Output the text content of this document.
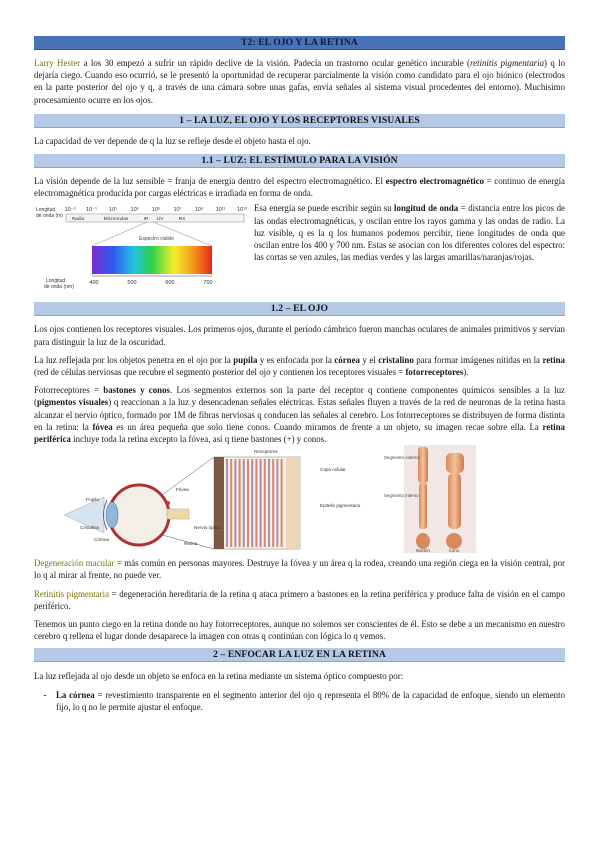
T2: EL OJO Y LA RETINA

Larry Hester a los 30 empezó a sufrir un rápido declive de la visión. Padecía un trastorno ocular genético incurable (retinitis pigmentaria) q lo dejaría ciego. Cuando eso ocurrió, se le presentó la oportunidad de recuperar parcialmente la visión como candidato para el ojo biónico (electrodos en la parte posterior del ojo y q, a través de una cámara sobre unas gafas, envía señales al sistema visual procedentes del entorno). Muchísimo procesamiento ocurre en los ojos.

1 – LA LUZ, EL OJO Y LOS RECEPTORES VISUALES

La capacidad de ver depende de q la luz se refleje desde el objeto hasta el ojo.

1.1 – LUZ: EL ESTÍMULO PARA LA VISIÓN

La visión depende de la luz sensible = franja de energía dentro del espectro electromagnético. El espectro electromagnético = continuo de energía electromagnética producida por cargas eléctricas e irradiada en forma de onda.

Longitud de onda (m)
10⁻³ 10⁻¹ 10¹ 10³ 10⁵ 10⁷ 10⁹ 10¹¹ 10¹³
Radio	Microondas	IR UV	RX
Espectro visible
400	500	600	700
Longitud de onda (nm)

Esa energía se puede escribir según su longitud de onda = distancia entre los picos de las ondas electromagnéticas, y oscilan entre los rayos gamma y las ondas de radio. La luz visible, q es la q los humanos podemos percibir, tiene longitudes de onda que oscilan entre los 400 y 700 nm. Estas se asocian con los diferentes colores del espectro: las cortas se ven azules, las medias verdes y las largas amarillas/naranjas/rojas.

1.2 – EL OJO

Los ojos contienen los receptores visuales. Los primeros ojos, durante el período cámbrico fueron manchas oculares de animales primitivos y servían para distinguir la luz de la oscuridad.

La luz reflejada por los objetos penetra en el ojo por la pupila y es enfocada por la córnea y el cristalino para formar imágenes nítidas en la retina (red de células nerviosas que recubre el segmento posterior del ojo y contienen los receptores visuales = fotorreceptores).

Fotorreceptores = bastones y conos. Los segmentos externos son la parte del receptor q contiene componentes químicos sensibles a la luz (pigmentos visuales) q reaccionan a la luz y desencadenan señales eléctricas. Estas señales fluyen a través de la red de neuronas de la retina hasta alcanzar el nervio óptico, formado por 1M de fibras nerviosas q conducen las señales al cerebro. Los fotorreceptores se distribuyen de forma distinta en la retina: la fóvea es un área pequeña que solo tiene conos. Cuando miramos de frente a un objeto, su imagen recae sobre ella. La retina periférica incluye toda la retina excepto la fóvea, así q tiene bastones (+) y conos.

Receptores
Capa celular
Pupila
Cristalino
Córnea
Fóvea
Nervio óptico
Retina
Epitelio pigmentario
Segmento externo
Segmento interno
Bastón	Cono

Degeneración macular = más común en personas mayores. Destruye la fóvea y un área q la rodea, creando una región ciega en la visión central, por lo q al mirar al frente, no puede ver.

Retinitis pigmentaria = degeneración hereditaria de la retina q ataca primero a bastones en la retina periférica y produce falta de visión en el campo periférico.

Tenemos un punto ciego en la retina donde no hay fotorreceptores, aunque no solemos ser conscientes de él. Esto se debe a un mecanismo en nuestro cerebro q rellena el lugar donde desaparece la imagen con otras q continúan con lógica lo q vemos.

2 – ENFOCAR LA LUZ EN LA RETINA

La luz reflejada al ojo desde un objeto se enfoca en la retina mediante un sistema óptico compuesto por:

-	La córnea = revestimiento transparente en el segmento anterior del ojo q representa el 80% de la capacidad de enfoque, siendo un elemento fijo, lo q no le permite ajustar el enfoque.
